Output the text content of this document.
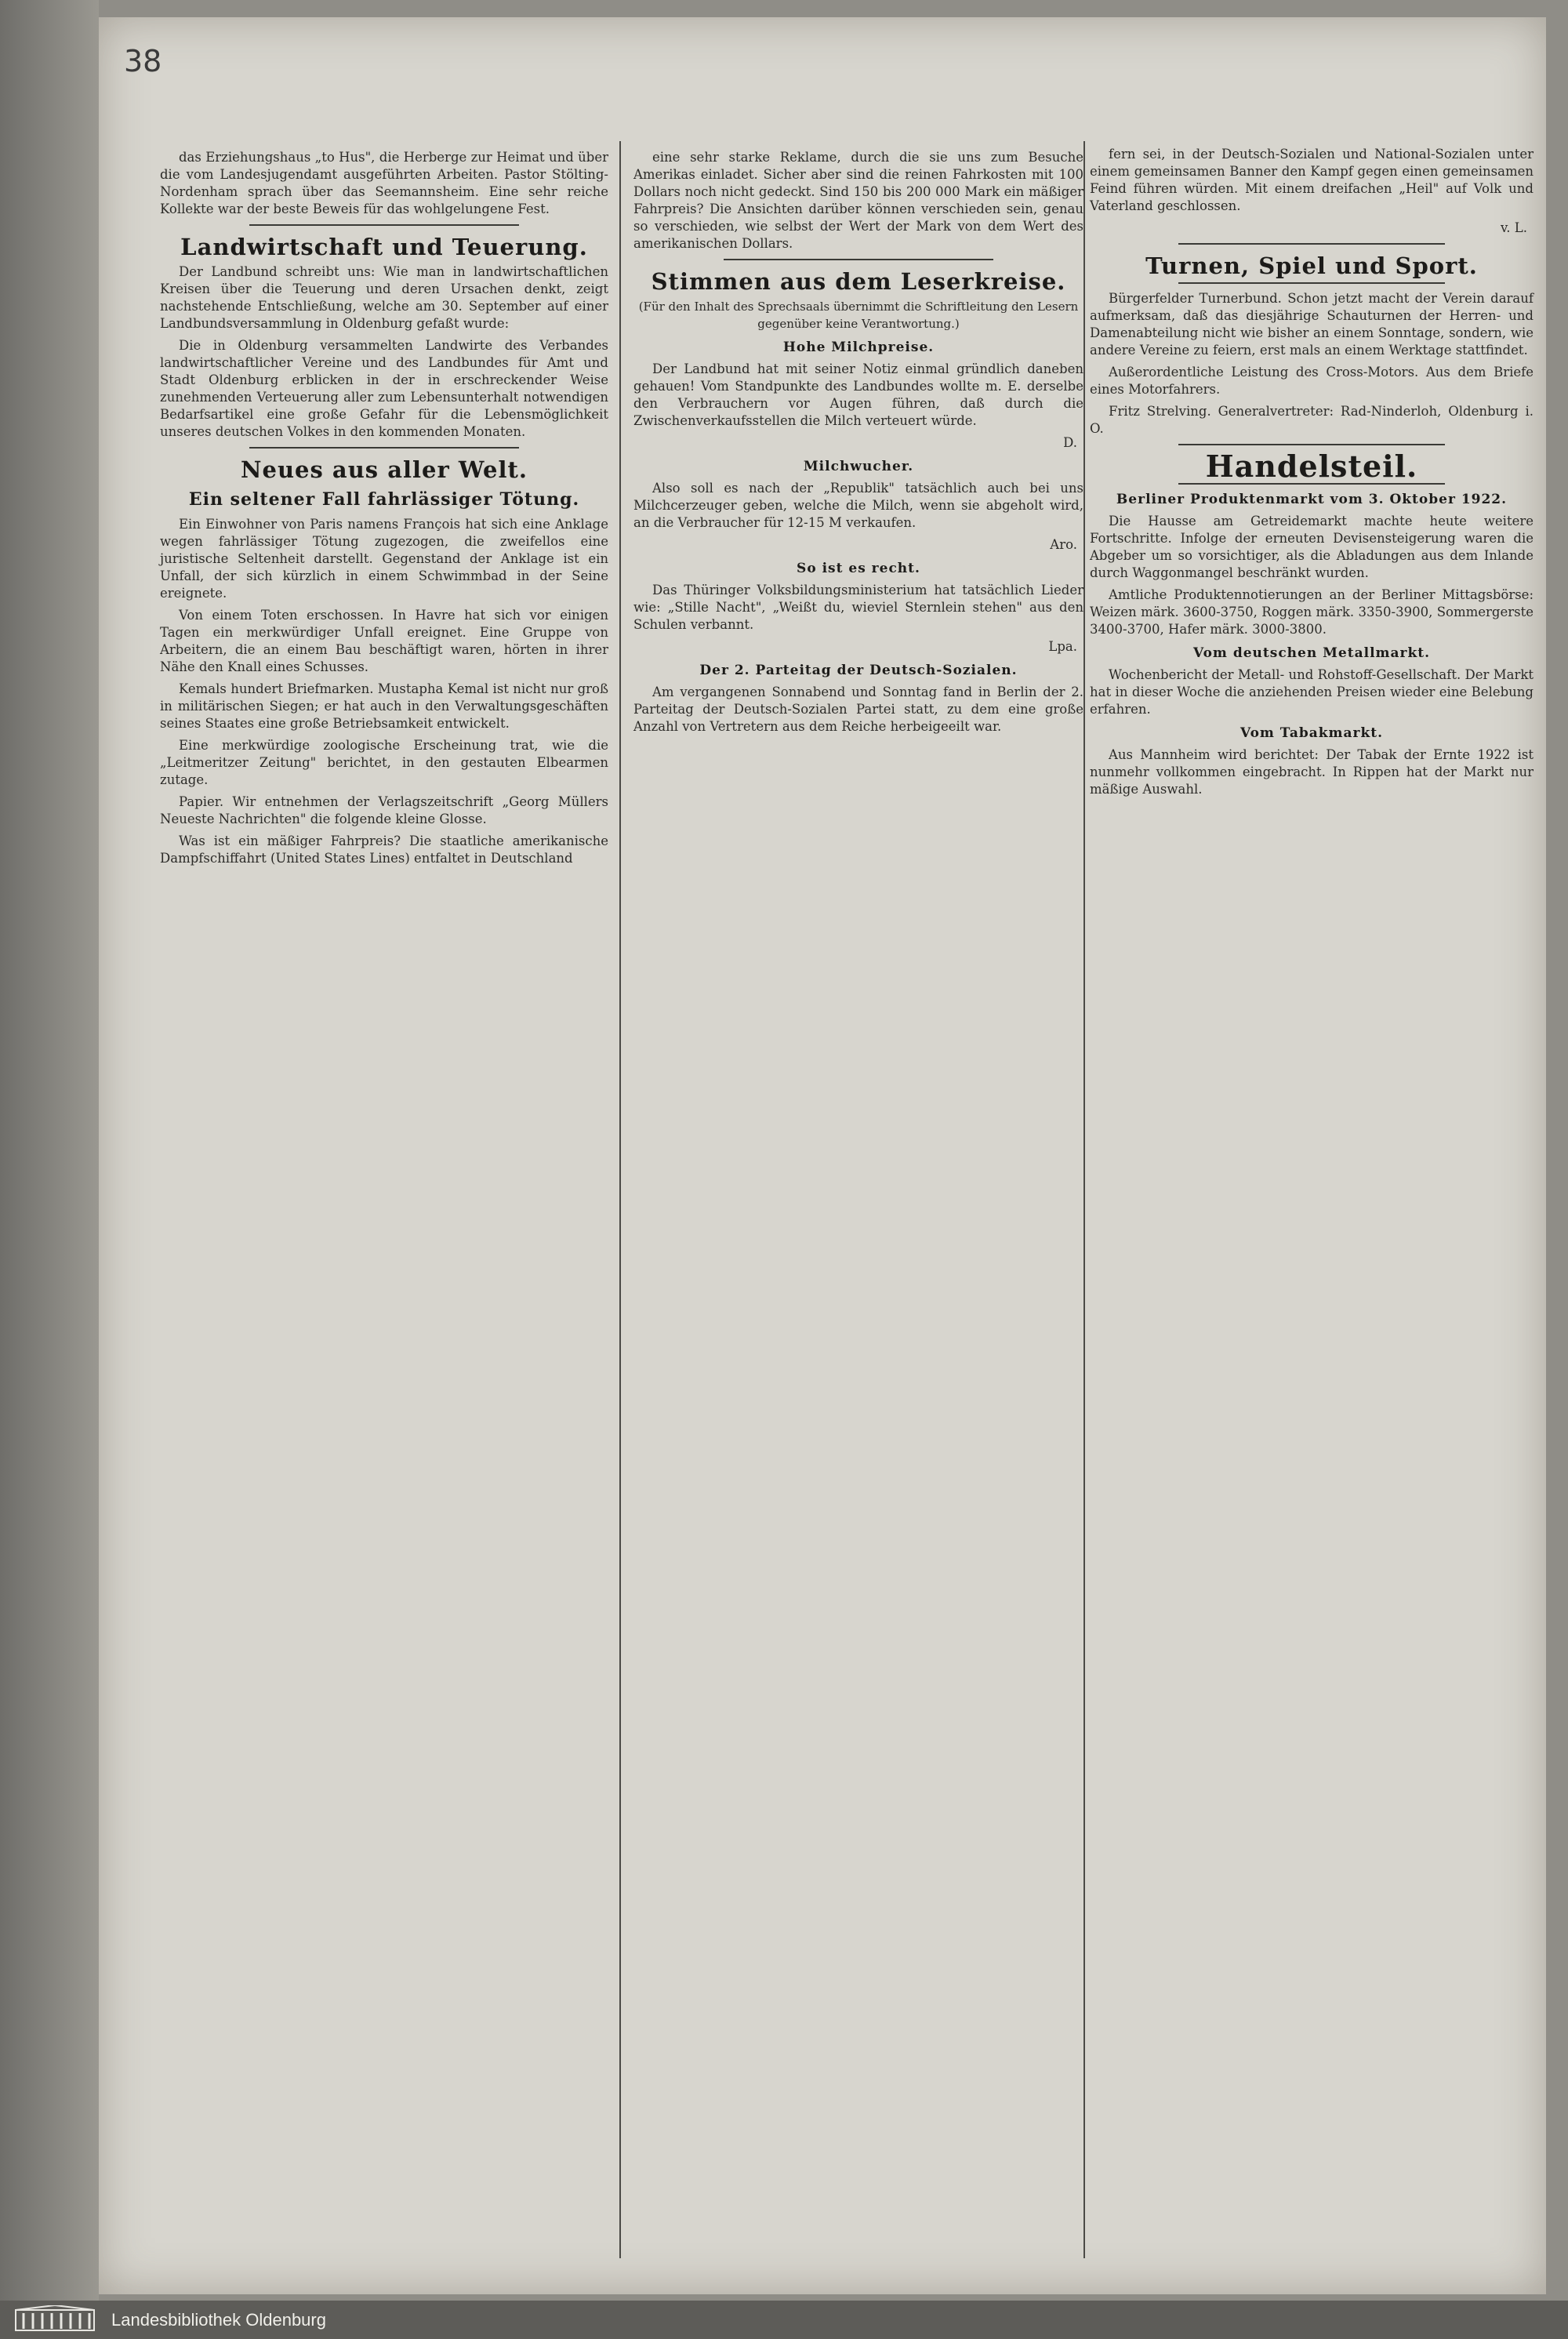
38

das Erziehungshaus „to Hus", die Herberge zur Heimat und über die vom Landesjugendamt ausgeführten Arbeiten. Pastor Stölting-Nordenham sprach über das Seemannsheim. Eine sehr reiche Kollekte war der beste Beweis für das wohlgelungene Fest.

Landwirtschaft und Teuerung.

Der Landbund schreibt uns: Wie man in landwirtschaftlichen Kreisen über die Teuerung und deren Ursachen denkt, zeigt nachstehende Entschließung, welche am 30. September auf einer Landbundsversammlung in Oldenburg gefaßt wurde:

Die in Oldenburg versammelten Landwirte des Verbandes landwirtschaftlicher Vereine und des Landbundes für Amt und Stadt Oldenburg erblicken in der in erschreckender Weise zunehmenden Verteuerung aller zum Lebensunterhalt notwendigen Bedarfsartikel eine große Gefahr für die Lebensmöglichkeit unseres deutschen Volkes in den kommenden Monaten.

Neues aus aller Welt.
Ein seltener Fall fahrlässiger Tötung.

Ein Einwohner von Paris namens François hat sich eine Anklage wegen fahrlässiger Tötung zugezogen, die zweifellos eine juristische Seltenheit darstellt. Gegenstand der Anklage ist ein Unfall, der sich kürzlich in einem Schwimmbad in der Seine ereignete.

Von einem Toten erschossen. In Havre hat sich vor einigen Tagen ein merkwürdiger Unfall ereignet. Eine Gruppe von Arbeitern, die an einem Bau beschäftigt waren, hörten in ihrer Nähe den Knall eines Schusses.

Kemals hundert Briefmarken. Mustapha Kemal ist nicht nur groß in militärischen Siegen; er hat auch in den Verwaltungsgeschäften seines Staates eine große Betriebsamkeit entwickelt.

Eine merkwürdige zoologische Erscheinung trat, wie die „Leitmeritzer Zeitung" berichtet, in den gestauten Elbearmen zutage.

Papier. Wir entnehmen der Verlagszeitschrift „Georg Müllers Neueste Nachrichten" die folgende kleine Glosse.

Was ist ein mäßiger Fahrpreis? Die staatliche amerikanische Dampfschiffahrt (United States Lines) entfaltet in Deutschland

eine sehr starke Reklame, durch die sie uns zum Besuche Amerikas einladet. Sicher aber sind die reinen Fahrkosten mit 100 Dollars noch nicht gedeckt. Sind 150 bis 200 000 Mark ein mäßiger Fahrpreis? Die Ansichten darüber können verschieden sein, genau so verschieden, wie selbst der Wert der Mark von dem Wert des amerikanischen Dollars.

Stimmen aus dem Leserkreise.
(Für den Inhalt des Sprechsaals übernimmt die Schriftleitung den Lesern gegenüber keine Verantwortung.)
Hohe Milchpreise.

Der Landbund hat mit seiner Notiz einmal gründlich daneben gehauen! Vom Standpunkte des Landbundes wollte m. E. derselbe den Verbrauchern vor Augen führen, daß durch die Zwischenverkaufsstellen die Milch verteuert würde.

D.
Milchwucher.

Also soll es nach der „Republik" tatsächlich auch bei uns Milchcerzeuger geben, welche die Milch, wenn sie abgeholt wird, an die Verbraucher für 12-15 M verkaufen.

Aro.
So ist es recht.

Das Thüringer Volksbildungsministerium hat tatsächlich Lieder wie: „Stille Nacht", „Weißt du, wieviel Sternlein stehen" aus den Schulen verbannt.

Lpa.
Der 2. Parteitag der Deutsch-Sozialen.

Am vergangenen Sonnabend und Sonntag fand in Berlin der 2. Parteitag der Deutsch-Sozialen Partei statt, zu dem eine große Anzahl von Vertretern aus dem Reiche herbeigeeilt war.

fern sei, in der Deutsch-Sozialen und National-Sozialen unter einem gemeinsamen Banner den Kampf gegen einen gemeinsamen Feind führen würden. Mit einem dreifachen „Heil" auf Volk und Vaterland geschlossen.

v. L.
Turnen, Spiel und Sport.

Bürgerfelder Turnerbund. Schon jetzt macht der Verein darauf aufmerksam, daß das diesjährige Schauturnen der Herren- und Damenabteilung nicht wie bisher an einem Sonntage, sondern, wie andere Vereine zu feiern, erst mals an einem Werktage stattfindet.

Außerordentliche Leistung des Cross-Motors. Aus dem Briefe eines Motorfahrers.

Fritz Strelving. Generalvertreter: Rad-Ninderloh, Oldenburg i. O.

Handelsteil.
Berliner Produktenmarkt vom 3. Oktober 1922.

Die Hausse am Getreidemarkt machte heute weitere Fortschritte. Infolge der erneuten Devisensteigerung waren die Abgeber um so vorsichtiger, als die Abladungen aus dem Inlande durch Waggonmangel beschränkt wurden.

Amtliche Produktennotierungen an der Berliner Mittagsbörse: Weizen märk. 3600-3750, Roggen märk. 3350-3900, Sommergerste 3400-3700, Hafer märk. 3000-3800.

Vom deutschen Metallmarkt.

Wochenbericht der Metall- und Rohstoff-Gesellschaft. Der Markt hat in dieser Woche die anziehenden Preisen wieder eine Belebung erfahren.

Vom Tabakmarkt.

Aus Mannheim wird berichtet: Der Tabak der Ernte 1922 ist nunmehr vollkommen eingebracht. In Rippen hat der Markt nur mäßige Auswahl.

Landesbibliothek Oldenburg
